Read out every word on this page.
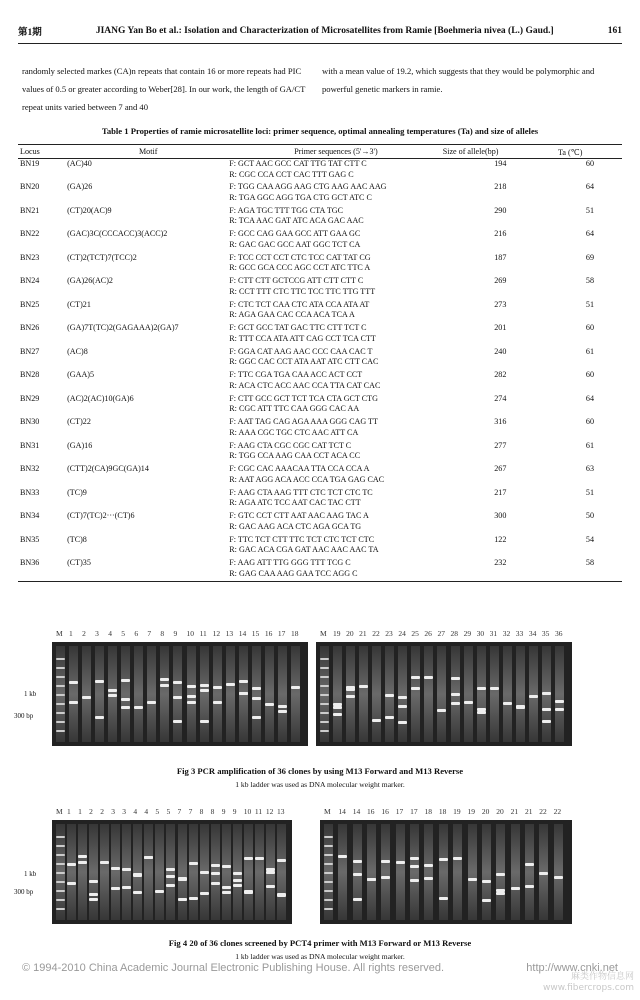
第1期	JIANG Yan Bo et al.: Isolation and Characterization of Microsatellites from Ramie [Boehmeria nivea (L.) Gaud.]	161

randomly selected markes (CA)n repeats that contain 16 or more repeats had PIC values of 0.5 or greater according to Weber[28]. In our work, the length of GA/CT repeat units varied between 7 and 40

with a mean value of 19.2, which suggests that they would be polymorphic and powerful genetic markers in ramie.

Table 1 Properties of ramie microsatellite loci: primer sequence, optimal annealing temperatures (Ta) and size of alleles
Locus	Motif	Primer sequences (5'→3')	Size of allele(bp)	Ta (℃)
BN19	(AC)40	F: GCT AAC GCC CAT TTG TAT CTT C
R: CGC CCA CCT CAC TTT GAG C	194	60
BN20	(GA)26	F: TGG CAA AGG AAG CTG AAG AAC AAG
R: TGA GGC AGG TGA CTG GCT ATC C	218	64
BN21	(CT)20(AC)9	F: AGA TGC TTT TGG CTA TGC
R: TCA AAC GAT ATC ACA GAC AAC	290	51
BN22	(GAC)3C(CCCACC)3(ACC)2	F: GCC CAG GAA GCC ATT GAA GC
R: GAC GAC GCC AAT GGC TCT CA	216	64
BN23	(CT)2(TCT)7(TCC)2	F: TCC CCT CCT CTC TCC CAT TAT CG
R: GCC GCA CCC AGC CCT ATC TTC A	187	69
BN24	(GA)26(AC)2	F: CTT CTT GCTCCG ATT CTT CTT C
R: CCT TTT CTC TTC TCC TTC TTG TTT	269	58
BN25	(CT)21	F: CTC TCT CAA CTC ATA CCA ATA AT
R: AGA GAA CAC CCA ACA TCA A	273	51
BN26	(GA)7T(TC)2(GAGAAA)2(GA)7	F: GCT GCC TAT GAC TTC CTT TCT C
R: TTT CCA ATA ATT CAG CCT TCA CTT	201	60
BN27	(AC)8	F: GGA CAT AAG AAC CCC CAA CAC T
R: GGC CAC CCT ATA AAT ATC CTT CAC	240	61
BN28	(GAA)5	F: TTC CGA TGA CAA ACC ACT CCT
R: ACA CTC ACC AAC CCA TTA CAT CAC	282	60
BN29	(AC)2(AC)10(GA)6	F: CTT GCC GCT TCT TCA CTA GCT CTG
R: CGC ATT TTC CAA GGG CAC AA	274	64
BN30	(CT)22	F: AAT TAG CAG AGA AAA GGG CAG TT
R: AAA CGC TGC CTC AAC ATT CA	316	60
BN31	(GA)16	F: AAG CTA CGC CGC CAT TCT C
R: TGG CCA AAG CAA CCT ACA CC	277	61
BN32	(CTT)2(CA)9GC(GA)14	F: CGC CAC AAACAA TTA CCA CCA A
R: AAT AGG ACA ACC CCA TGA GAG CAC	267	63
BN33	(TC)9	F: AAG CTA AAG TTT CTC TCT CTC TC
R: AGA ATC TCC AAT CAC TAC CTT	217	51
BN34	(CT)7(TC)2···(CT)6	F: GTC CCT CTT AAT AAC AAG TAC A
R: GAC AAG ACA CTC AGA GCA TG	300	50
BN35	(TC)8	F: TTC TCT CTT TTC TCT CTC TCT CTC
R: GAC ACA CGA GAT AAC AAC AAC TA	122	54
BN36	(CT)35	F: AAG ATT TTG GGG TTT TCG C
R: GAG CAA AAG GAA TCC AGG C	232	58
M 1 2 3 4 5 6 7 8 9 10 11 12 13 14 15 16 17 18	M 19 20 21 22 23 24 25 26 27 28 29 30 31 32 33 34 35 36
1 kb
300 bp
Fig 3 PCR amplification of 36 clones by using M13 Forward and M13 Reverse
1 kb ladder was used as DNA molecular weight marker.
M 1 1 2 2 3 3 4 4 5 5 7 7 8 8 9 9 10 11 12 13	M 14 14 16 16 17 17 18 18 19 19 20 20 21 21 22 22
1 kb
300 bp
Fig 4 20 of 36 clones screened by PCT4 primer with M13 Forward or M13 Reverse
1 kb ladder was used as DNA molecular weight marker.
© 1994-2010 China Academic Journal Electronic Publishing House. All rights reserved.	http://www.cnki.net
麻类作物信息网
www.fibercrops.com
